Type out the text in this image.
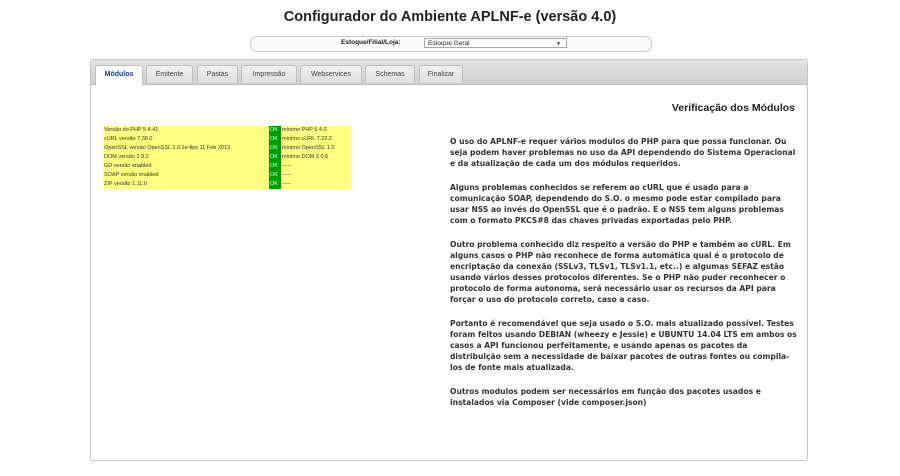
Configurador do Ambiente APLNF-e (versão 4.0)
Estoque/Filial/Loja:	Estoque Geral	▼
Módulos	Emitente	Pastas	Impressão	Webservices	Schemas	Finalizar
Verificação dos Módulos
Versão do PHP 5.4.41	OK	mínimo PHP 5.4.0
cURL versão 7.38.0	OK	mínimo cURL 7.22.2
OpenSSL versão OpenSSL 1.0.1e-fips 11 Feb 2013	OK	mínimo OpenSSL 1.0
DOM versão 2.9.2	OK	mínimo DOM 2.0.6
GD versão enabled	OK	-----
SOAP versão enabled	OK	-----
ZIP versão 1.11.0	OK	-----

O uso do APLNF-e requer vários modulos do PHP para que possa funcionar. Ou seja podem haver problemas no uso da API dependendo do Sistema Operacional e da atualização de cada um dos módulos requeridos.

Alguns problemas conhecidos se referem ao cURL que é usado para a comunicação SOAP, dependendo do S.O. o mesmo pode estar compilado para usar NSS ao invés do OpenSSL que é o padrão. E o NSS tem alguns problemas com o formato PKCS#8 das chaves privadas exportadas pelo PHP.

Outro problema conhecido diz respeito a versão do PHP e também ao cURL. Em alguns casos o PHP não reconhece de forma automática qual é o protocolo de encriptação da conexão (SSLv3, TLSv1, TLSv1.1, etc..) e algumas SEFAZ estão usando vários desses protocolos diferentes. Se o PHP não puder reconhecer o protocolo de forma autonoma, será necessário usar os recursos da API para forçar o uso do protocolo correto, caso a caso.

Portanto é recomendável que seja usado o S.O. mais atualizado possível. Testes foram feitos usando DEBIAN (wheezy e Jessie) e UBUNTU 14.04 LTS em ambos os casos a API funcionou perfeitamente, e usando apenas os pacotes da distribuição sem a necessidade de baixar pacotes de outras fontes ou compila-los de fonte mais atualizada.

Outros modulos podem ser necessários em função dos pacotes usados e instalados via Composer (vide composer.json)
